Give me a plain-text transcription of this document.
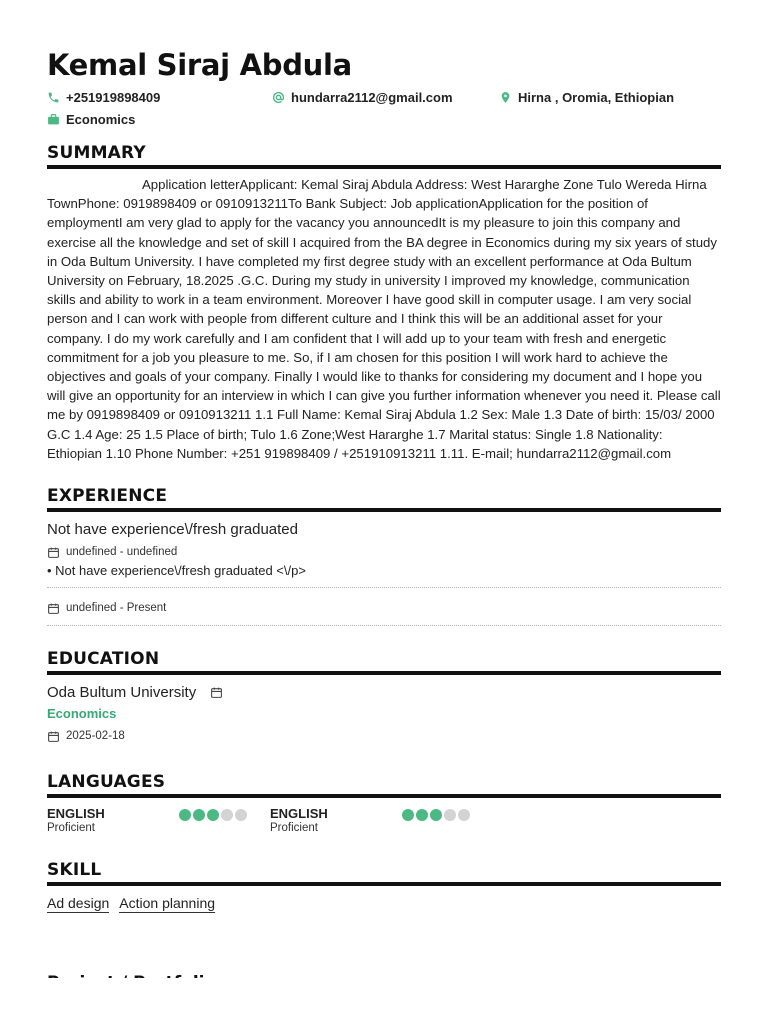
Kemal Siraj Abdula
+251919898409	hundarra2112@gmail.com	Hirna , Oromia, Ethiopian
Economics
SUMMARY
Application letterApplicant: Kemal Siraj Abdula Address: West Hararghe Zone Tulo Wereda Hirna TownPhone: 0919898409 or 0910913211To Bank Subject: Job applicationApplication for the position of employmentI am very glad to apply for the vacancy you announcedIt is my pleasure to join this company and exercise all the knowledge and set of skill I acquired from the BA degree in Economics during my six years of study in Oda Bultum University. I have completed my first degree study with an excellent performance at Oda Bultum University on February, 18.2025 .G.C. During my study in university I improved my knowledge, communication skills and ability to work in a team environment. Moreover I have good skill in computer usage. I am very social person and I can work with people from different culture and I think this will be an additional asset for your company. I do my work carefully and I am confident that I will add up to your team with fresh and energetic commitment for a job you pleasure to me. So, if I am chosen for this position I will work hard to achieve the objectives and goals of your company. Finally I would like to thanks for considering my document and I hope you will give an opportunity for an interview in which I can give you further information whenever you need it. Please call me by 0919898409 or 0910913211 1.1 Full Name: Kemal Siraj Abdula 1.2 Sex: Male 1.3 Date of birth: 15/03/ 2000 G.C 1.4 Age: 25 1.5 Place of birth; Tulo 1.6 Zone;West Hararghe 1.7 Marital status: Single 1.8 Nationality: Ethiopian 1.10 Phone Number: +251 919898409 / +251910913211 1.11. E-mail; hundarra2112@gmail.com
EXPERIENCE
Not have experience\/fresh graduated
undefined - undefined
• Not have experience\/fresh graduated <\/p>
undefined - Present
EDUCATION
Oda Bultum University
Economics
2025-02-18
LANGUAGES
ENGLISH
Proficient
ENGLISH
Proficient
SKILL
Ad design Action planning
